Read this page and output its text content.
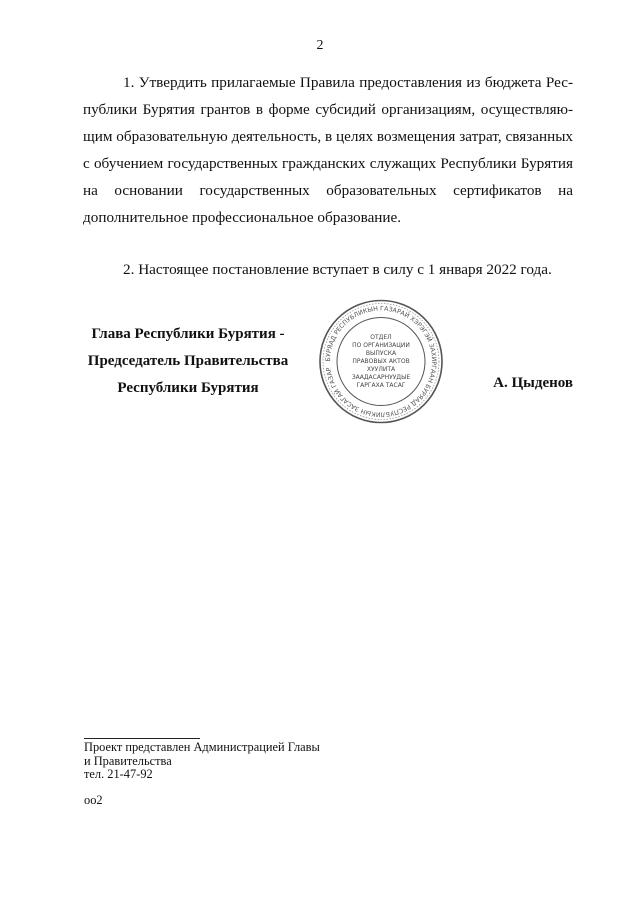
2

1. Утвердить прилагаемые Правила предоставления из бюджета Республики Бурятия грантов в форме субсидий организациям, осуществляющим образовательную деятельность, в целях возмещения затрат, связанных с обучением государственных гражданских служащих Республики Бурятия на основании государственных образовательных сертификатов на дополнительное профессиональное образование.

2. Настоящее постановление вступает в силу с 1 января 2022 года.

Глава Республики Бурятия -
Председатель Правительства
Республики Бурятия
БУРЯАД РЕСПУБЛИКЫН ГАЗАРАЙ ХЭРЭГЭЙ ЗАХИРГААН БУРЯАД РЕСПУБЛИКЫН ЗАСАГАЙ ГАЗАР
ОТДЕЛ
ПО ОРГАНИЗАЦИИ
ВЫПУСКА
ПРАВОВЫХ АКТОВ
ХУУЛИТА
ЗААДАСАРНУУДЫЕ
ГАРГАХА ТАСАГ	А. Цыденов
Проект представлен Администрацией Главы
и Правительства
тел. 21-47-92
оо2
